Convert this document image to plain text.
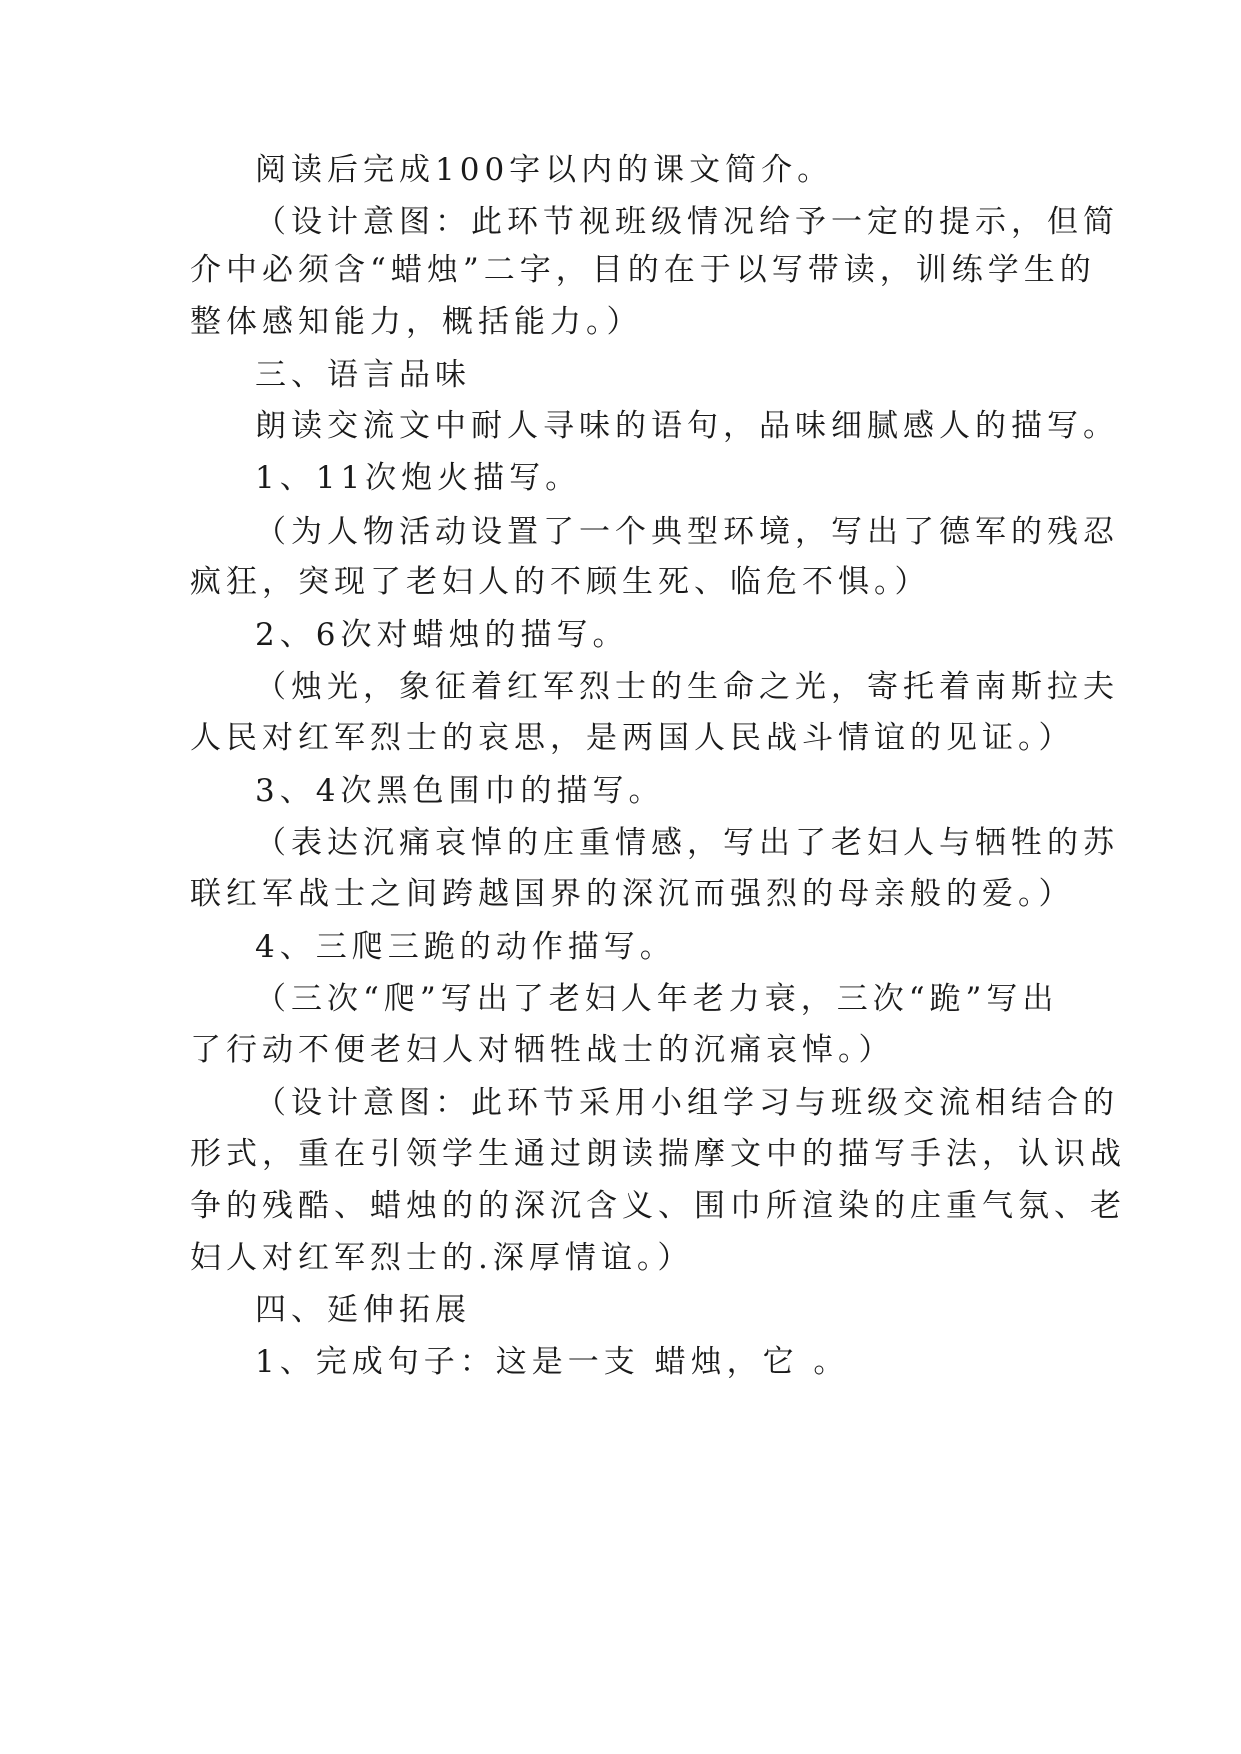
阅读后完成100字以内的课文简介。
（设计意图：此环节视班级情况给予一定的提示，但简
介中必须含“蜡烛”二字，目的在于以写带读，训练学生的
整体感知能力，概括能力。）
三、语言品味
朗读交流文中耐人寻味的语句，品味细腻感人的描写。
1、11次炮火描写。
（为人物活动设置了一个典型环境，写出了德军的残忍
疯狂，突现了老妇人的不顾生死、临危不惧。）
2、6次对蜡烛的描写。
（烛光，象征着红军烈士的生命之光，寄托着南斯拉夫
人民对红军烈士的哀思，是两国人民战斗情谊的见证。）
3、4次黑色围巾的描写。
（表达沉痛哀悼的庄重情感，写出了老妇人与牺牲的苏
联红军战士之间跨越国界的深沉而强烈的母亲般的爱。）
4、三爬三跪的动作描写。
（三次“爬”写出了老妇人年老力衰，三次“跪”写出
了行动不便老妇人对牺牲战士的沉痛哀悼。）
（设计意图：此环节采用小组学习与班级交流相结合的
形式，重在引领学生通过朗读揣摩文中的描写手法，认识战
争的残酷、蜡烛的的深沉含义、围巾所渲染的庄重气氛、老
妇人对红军烈士的.深厚情谊。）
四、延伸拓展
1、完成句子：这是一支 蜡烛，它 。
